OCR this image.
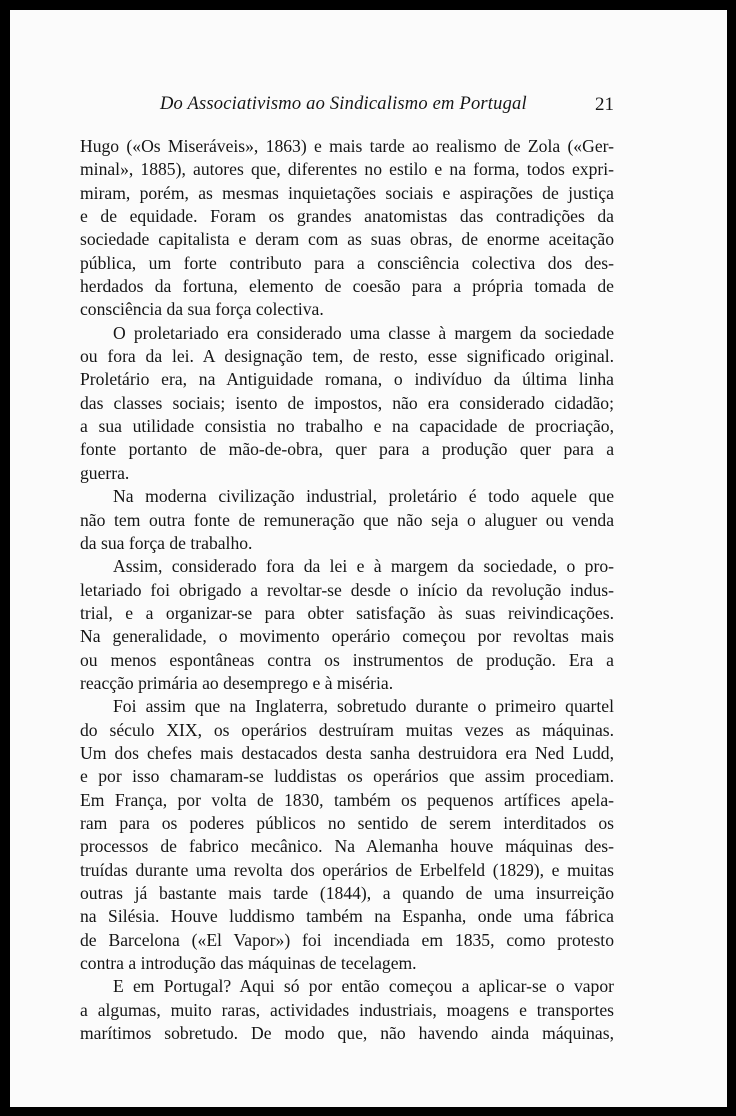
Do Associativismo ao Sindicalismo em Portugal	21
Hugo («Os Miseráveis», 1863) e mais tarde ao realismo de Zola («Ger-
minal», 1885), autores que, diferentes no estilo e na forma, todos expri-
miram, porém, as mesmas inquietações sociais e aspirações de justiça
e de equidade. Foram os grandes anatomistas das contradições da
sociedade capitalista e deram com as suas obras, de enorme aceitação
pública, um forte contributo para a consciência colectiva dos des-
herdados da fortuna, elemento de coesão para a própria tomada de
consciência da sua força colectiva.
O proletariado era considerado uma classe à margem da sociedade
ou fora da lei. A designação tem, de resto, esse significado original.
Proletário era, na Antiguidade romana, o indivíduo da última linha
das classes sociais; isento de impostos, não era considerado cidadão;
a sua utilidade consistia no trabalho e na capacidade de procriação,
fonte portanto de mão-de-obra, quer para a produção quer para a
guerra.
Na moderna civilização industrial, proletário é todo aquele que
não tem outra fonte de remuneração que não seja o aluguer ou venda
da sua força de trabalho.
Assim, considerado fora da lei e à margem da sociedade, o pro-
letariado foi obrigado a revoltar-se desde o início da revolução indus-
trial, e a organizar-se para obter satisfação às suas reivindicações.
Na generalidade, o movimento operário começou por revoltas mais
ou menos espontâneas contra os instrumentos de produção. Era a
reacção primária ao desemprego e à miséria.
Foi assim que na Inglaterra, sobretudo durante o primeiro quartel
do século XIX, os operários destruíram muitas vezes as máquinas.
Um dos chefes mais destacados desta sanha destruidora era Ned Ludd,
e por isso chamaram-se luddistas os operários que assim procediam.
Em França, por volta de 1830, também os pequenos artífices apela-
ram para os poderes públicos no sentido de serem interditados os
processos de fabrico mecânico. Na Alemanha houve máquinas des-
truídas durante uma revolta dos operários de Erbelfeld (1829), e muitas
outras já bastante mais tarde (1844), a quando de uma insurreição
na Silésia. Houve luddismo também na Espanha, onde uma fábrica
de Barcelona («El Vapor») foi incendiada em 1835, como protesto
contra a introdução das máquinas de tecelagem.
E em Portugal? Aqui só por então começou a aplicar-se o vapor
a algumas, muito raras, actividades industriais, moagens e transportes
marítimos sobretudo. De modo que, não havendo ainda máquinas,
